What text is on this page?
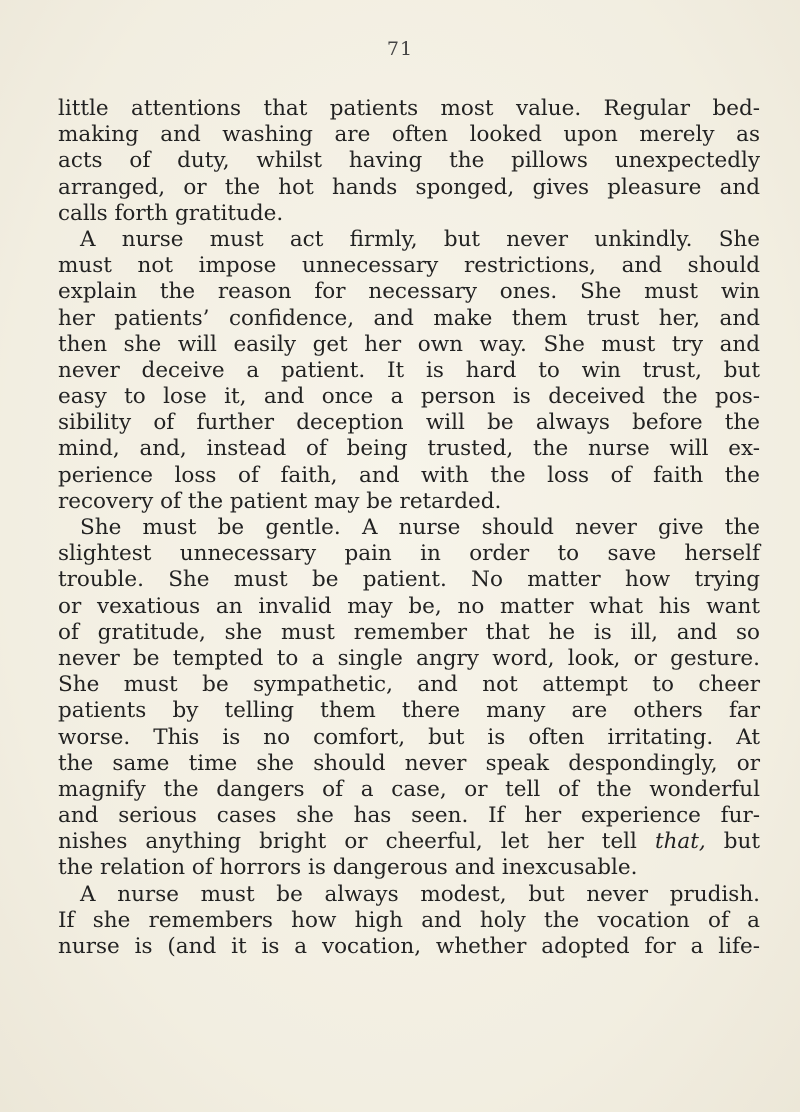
71
little attentions that patients most value. Regular bed-
making and washing are often looked upon merely as
acts of duty, whilst having the pillows unexpectedly
arranged, or the hot hands sponged, gives pleasure and
calls forth gratitude.
A nurse must act firmly, but never unkindly. She
must not impose unnecessary restrictions, and should
explain the reason for necessary ones. She must win
her patients’ confidence, and make them trust her, and
then she will easily get her own way. She must try and
never deceive a patient. It is hard to win trust, but
easy to lose it, and once a person is deceived the pos-
sibility of further deception will be always before the
mind, and, instead of being trusted, the nurse will ex-
perience loss of faith, and with the loss of faith the
recovery of the patient may be retarded.
She must be gentle. A nurse should never give the
slightest unnecessary pain in order to save herself
trouble. She must be patient. No matter how trying
or vexatious an invalid may be, no matter what his want
of gratitude, she must remember that he is ill, and so
never be tempted to a single angry word, look, or gesture.
She must be sympathetic, and not attempt to cheer
patients by telling them there many are others far
worse. This is no comfort, but is often irritating. At
the same time she should never speak despondingly, or
magnify the dangers of a case, or tell of the wonderful
and serious cases she has seen. If her experience fur-
nishes anything bright or cheerful, let her tell that, but
the relation of horrors is dangerous and inexcusable.
A nurse must be always modest, but never prudish.
If she remembers how high and holy the vocation of a
nurse is (and it is a vocation, whether adopted for a life-
